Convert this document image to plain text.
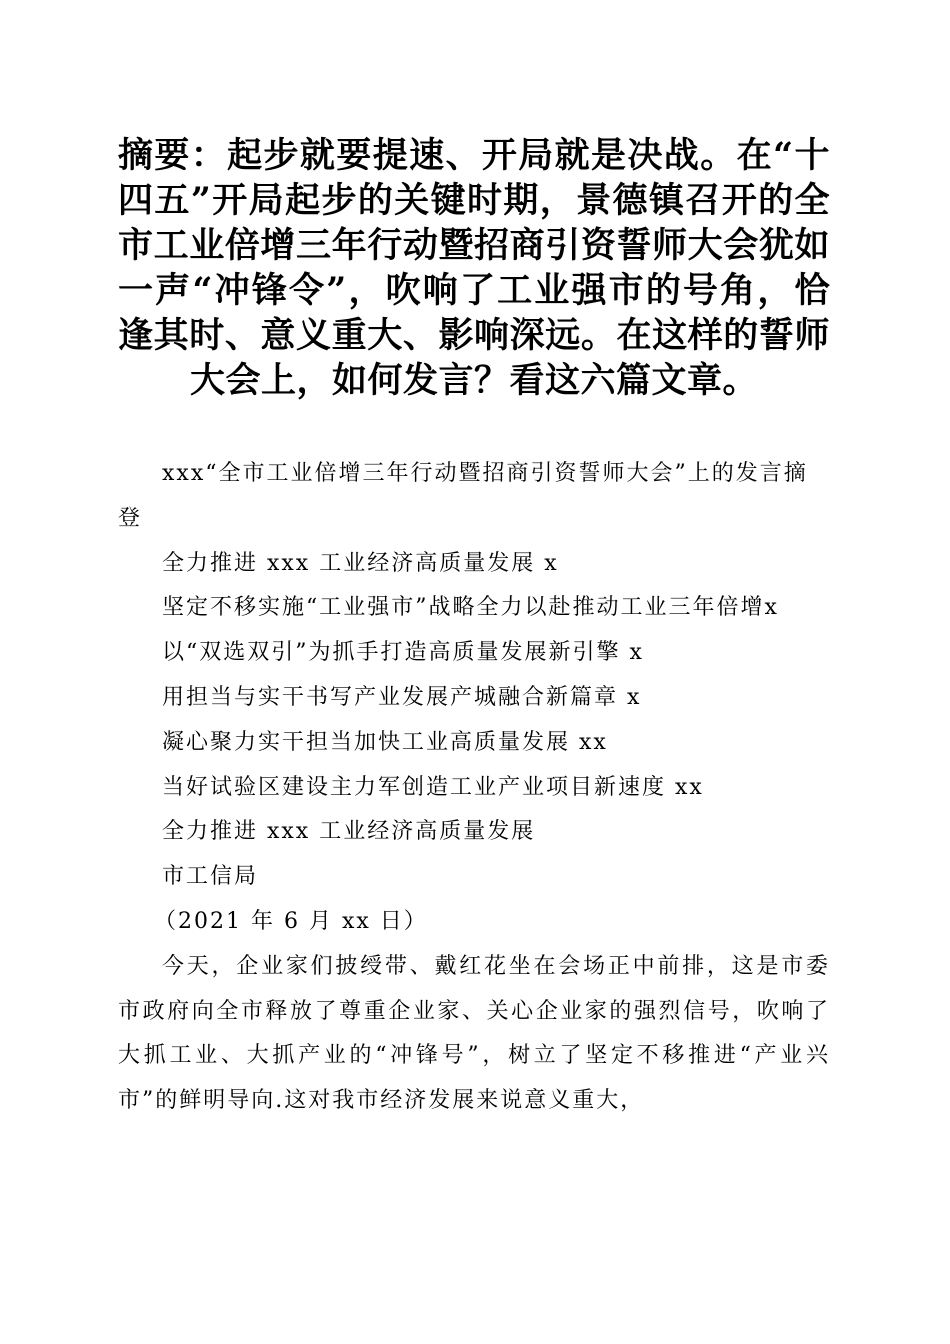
摘要：起步就要提速、开局就是决战。在“十四五”开局起步的关键时期，景德镇召开的全市工业倍增三年行动暨招商引资誓师大会犹如一声“冲锋令”，吹响了工业强市的号角，恰逢其时、意义重大、影响深远。在这样的誓师大会上，如何发言？看这六篇文章。

xxx“全市工业倍增三年行动暨招商引资誓师大会”上的发言摘登

全力推进 xxx 工业经济高质量发展 x

坚定不移实施“工业强市”战略全力以赴推动工业三年倍增x

以“双选双引”为抓手打造高质量发展新引擎 x

用担当与实干书写产业发展产城融合新篇章 x

凝心聚力实干担当加快工业高质量发展 xx

当好试验区建设主力军创造工业产业项目新速度 xx

全力推进 xxx 工业经济高质量发展

市工信局

（2021 年 6 月 xx 日）

今天，企业家们披绶带、戴红花坐在会场正中前排，这是市委市政府向全市释放了尊重企业家、关心企业家的强烈信号，吹响了大抓工业、大抓产业的“冲锋号”，树立了坚定不移推进“产业兴市”的鲜明导向.这对我市经济发展来说意义重大，
